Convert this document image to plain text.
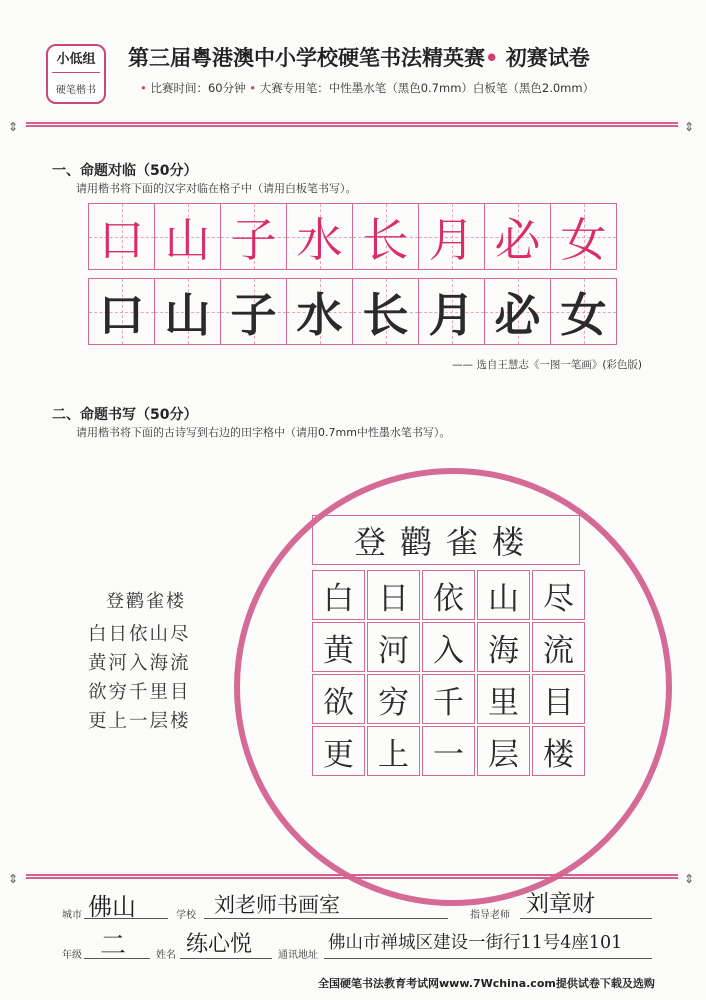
小低组
硬笔楷书
第三届粤港澳中小学校硬笔书法精英赛• 初赛试卷
• 比赛时间：60分钟 • 大赛专用笔：中性墨水笔（黑色0.7mm）白板笔（黑色2.0mm）
⇕	⇕
一、命题对临（50分）
请用楷书将下面的汉字对临在格子中（请用白板笔书写）。
口 山 子 水 长 月 必 女
口 山 子 水 长 月 必 女
—— 选自王慧志《一图一笔画》(彩色版)
二、命题书写（50分）
请用楷书将下面的古诗写到右边的田字格中（请用0.7mm中性墨水笔书写）。
登鹳雀楼
白 日 依 山 尽
黄 河 入 海 流
欲 穷 千 里 目
更 上 一 层 楼
登鹳雀楼
白日依山尽
黄河入海流
欲穷千里目
更上一层楼
⇕	⇕
城市 佛山	学校 刘老师书画室	指导老师 刘章财
年级 二	姓名 练心悦	通讯地址
佛山市禅城区建设一街行11号4座101
全国硬笔书法教育考试网www.7Wchina.com提供试卷下载及选购
